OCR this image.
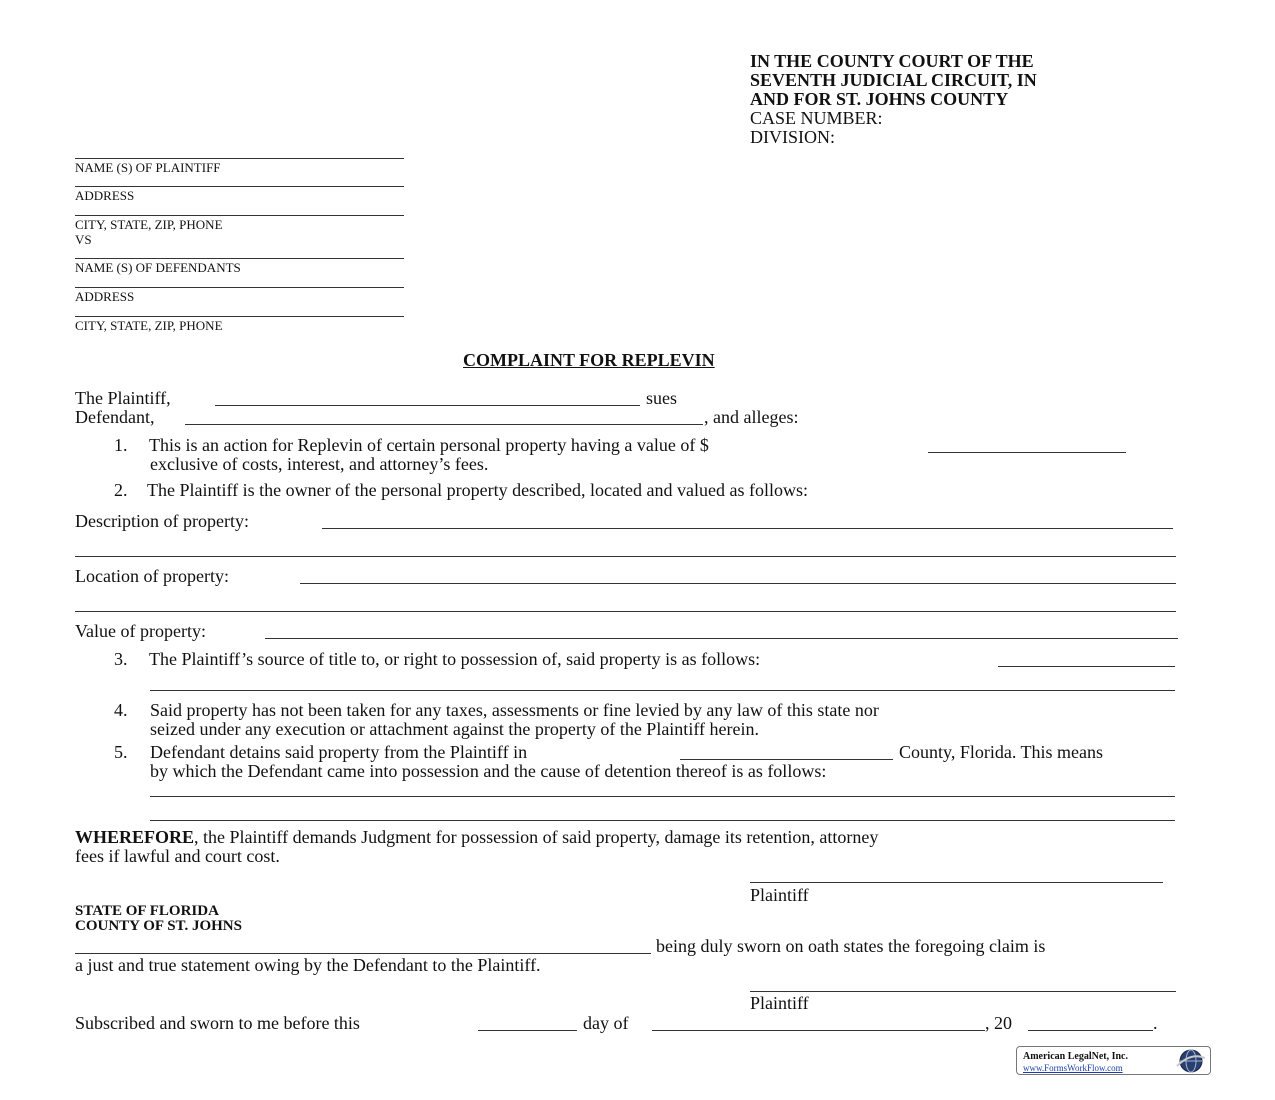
IN THE COUNTY COURT OF THE
SEVENTH JUDICIAL CIRCUIT, IN
AND FOR ST. JOHNS COUNTY
CASE NUMBER:
DIVISION:
NAME (S) OF PLAINTIFF
ADDRESS
CITY, STATE, ZIP, PHONE
VS
NAME (S) OF DEFENDANTS
ADDRESS
CITY, STATE, ZIP, PHONE
COMPLAINT FOR REPLEVIN
The Plaintiff,	sues
Defendant,	, and alleges:
1. This is an action for Replevin of certain personal property having a value of $
exclusive of costs, interest, and attorney’s fees.
2. The Plaintiff is the owner of the personal property described, located and valued as follows:
Description of property:
Location of property:
Value of property:
3. The Plaintiff’s source of title to, or right to possession of, said property is as follows:
4. Said property has not been taken for any taxes, assessments or fine levied by any law of this state nor
seized under any execution or attachment against the property of the Plaintiff herein.
5. Defendant detains said property from the Plaintiff in	County, Florida. This means
by which the Defendant came into possession and the cause of detention thereof is as follows:
WHEREFORE, the Plaintiff demands Judgment for possession of said property, damage its retention, attorney
fees if lawful and court cost.
Plaintiff
STATE OF FLORIDA
COUNTY OF ST. JOHNS
being duly sworn on oath states the foregoing claim is
a just and true statement owing by the Defendant to the Plaintiff.
Plaintiff
Subscribed and sworn to me before this	day of	, 20	.
American LegalNet, Inc.
www.FormsWorkFlow.com
